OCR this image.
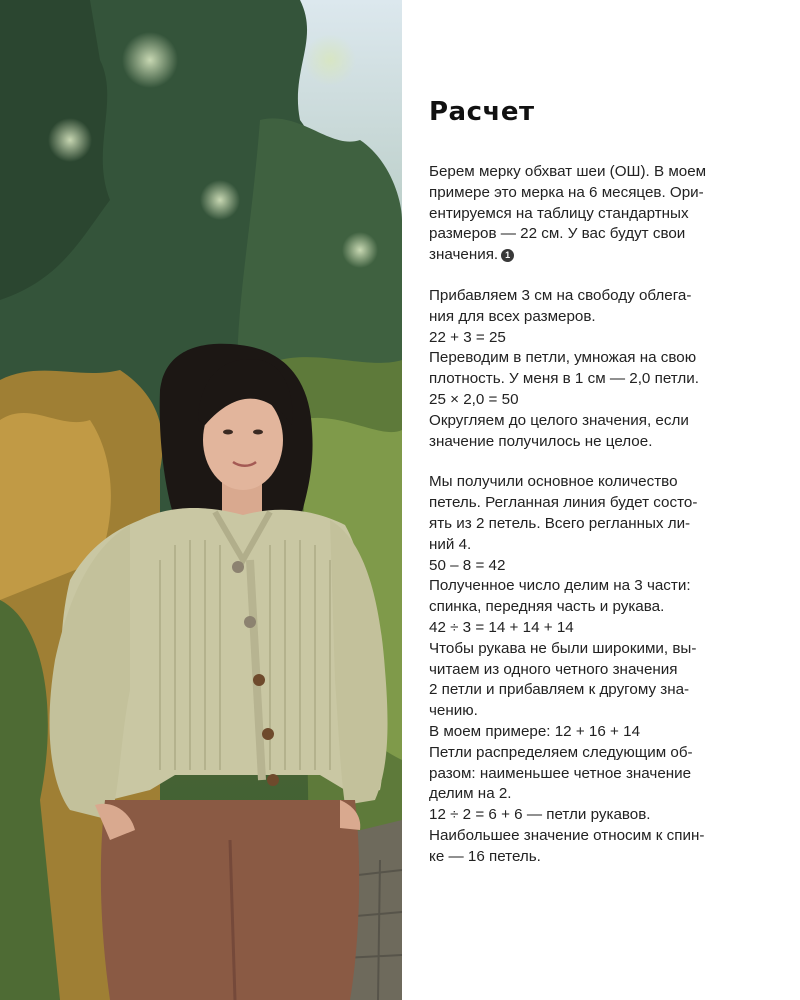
Расчет
Берем мерку обхват шеи (ОШ). В моем
примере это мерка на 6 месяцев. Ори-
ентируемся на таблицу стандартных
размеров — 22 см. У вас будут свои
значения. 1
Прибавляем 3 см на свободу облега-
ния для всех размеров.
22 + 3 = 25
Переводим в петли, умножая на свою
плотность. У меня в 1 см — 2,0 петли.
25 × 2,0 = 50
Округляем до целого значения, если
значение получилось не целое.
Мы получили основное количество
петель. Регланная линия будет состо-
ять из 2 петель. Всего регланных ли-
ний 4.
50 – 8 = 42
Полученное число делим на 3 части:
спинка, передняя часть и рукава.
42 ÷ 3 = 14 + 14 + 14
Чтобы рукава не были широкими, вы-
читаем из одного четного значения
2 петли и прибавляем к другому зна-
чению.
В моем примере: 12 + 16 + 14
Петли распределяем следующим об-
разом: наименьшее четное значение
делим на 2.
12 ÷ 2 = 6 + 6 — петли рукавов.
Наибольшее значение относим к спин-
ке — 16 петель.
